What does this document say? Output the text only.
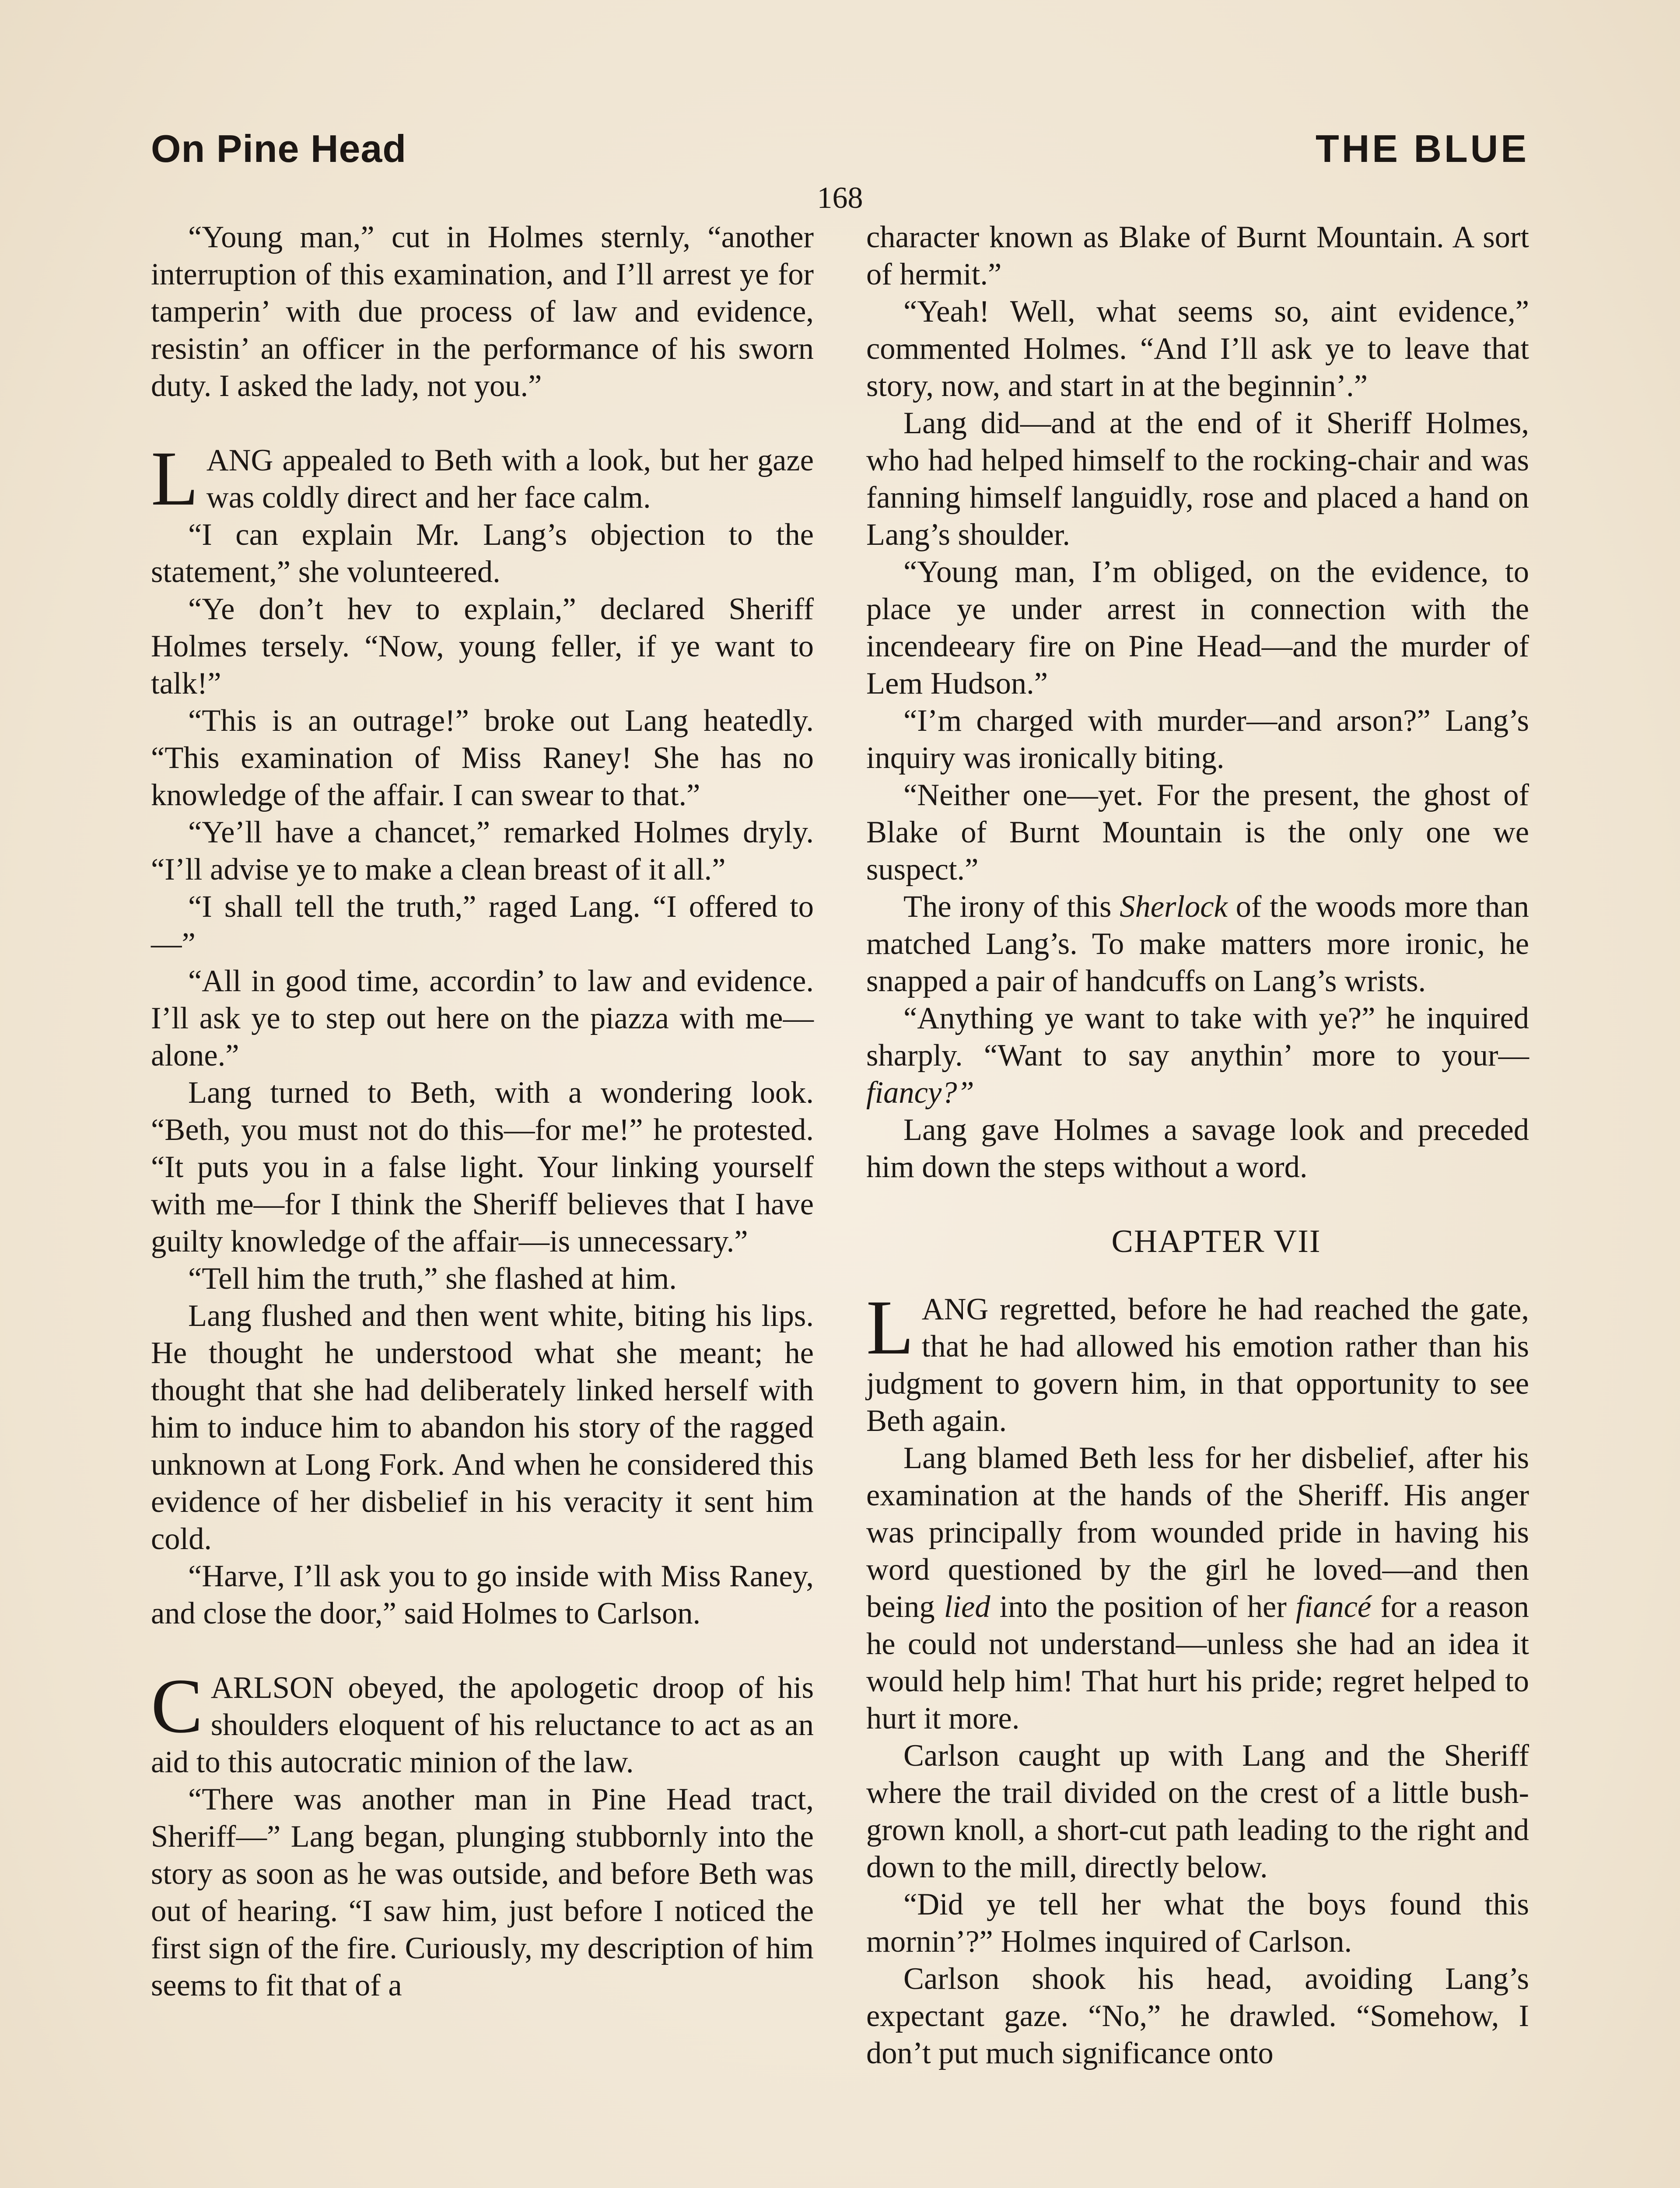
On Pine Head	THE BLUE
168

“Young man,” cut in Holmes sternly, “another interruption of this examination, and I’ll arrest ye for tamperin’ with due process of law and evidence, resistin’ an officer in the performance of his sworn duty. I asked the lady, not you.”

LANG appealed to Beth with a look, but her gaze was coldly direct and her face calm.

“I can explain Mr. Lang’s objection to the statement,” she volunteered.

“Ye don’t hev to explain,” declared Sheriff Holmes tersely. “Now, young feller, if ye want to talk!”

“This is an outrage!” broke out Lang heatedly. “This examination of Miss Raney! She has no knowledge of the affair. I can swear to that.”

“Ye’ll have a chancet,” remarked Holmes dryly. “I’ll advise ye to make a clean breast of it all.”

“I shall tell the truth,” raged Lang. “I offered to—”

“All in good time, accordin’ to law and evidence. I’ll ask ye to step out here on the piazza with me—alone.”

Lang turned to Beth, with a wondering look. “Beth, you must not do this—for me!” he protested. “It puts you in a false light. Your linking yourself with me—for I think the Sheriff believes that I have guilty knowledge of the affair—is unnecessary.”

“Tell him the truth,” she flashed at him.

Lang flushed and then went white, biting his lips. He thought he understood what she meant; he thought that she had deliberately linked herself with him to induce him to abandon his story of the ragged unknown at Long Fork. And when he considered this evidence of her disbelief in his veracity it sent him cold.

“Harve, I’ll ask you to go inside with Miss Raney, and close the door,” said Holmes to Carlson.

CARLSON obeyed, the apologetic droop of his shoulders eloquent of his reluctance to act as an aid to this autocratic minion of the law.

“There was another man in Pine Head tract, Sheriff—” Lang began, plunging stubbornly into the story as soon as he was outside, and before Beth was out of hearing. “I saw him, just before I noticed the first sign of the fire. Curiously, my description of him seems to fit that of a

character known as Blake of Burnt Mountain. A sort of hermit.”

“Yeah! Well, what seems so, aint evidence,” commented Holmes. “And I’ll ask ye to leave that story, now, and start in at the beginnin’.”

Lang did—and at the end of it Sheriff Holmes, who had helped himself to the rocking-chair and was fanning himself languidly, rose and placed a hand on Lang’s shoulder.

“Young man, I’m obliged, on the evidence, to place ye under arrest in connection with the incendeeary fire on Pine Head—and the murder of Lem Hudson.”

“I’m charged with murder—and arson?” Lang’s inquiry was ironically biting.

“Neither one—yet. For the present, the ghost of Blake of Burnt Mountain is the only one we suspect.”

The irony of this Sherlock of the woods more than matched Lang’s. To make matters more ironic, he snapped a pair of handcuffs on Lang’s wrists.

“Anything ye want to take with ye?” he inquired sharply. “Want to say anythin’ more to your—fiancy?”

Lang gave Holmes a savage look and preceded him down the steps without a word.

CHAPTER VII

LANG regretted, before he had reached the gate, that he had allowed his emotion rather than his judgment to govern him, in that opportunity to see Beth again.

Lang blamed Beth less for her disbelief, after his examination at the hands of the Sheriff. His anger was principally from wounded pride in having his word questioned by the girl he loved—and then being lied into the position of her fiancé for a reason he could not understand—unless she had an idea it would help him! That hurt his pride; regret helped to hurt it more.

Carlson caught up with Lang and the Sheriff where the trail divided on the crest of a little bush-grown knoll, a short-cut path leading to the right and down to the mill, directly below.

“Did ye tell her what the boys found this mornin’?” Holmes inquired of Carlson.

Carlson shook his head, avoiding Lang’s expectant gaze. “No,” he drawled. “Somehow, I don’t put much significance onto
